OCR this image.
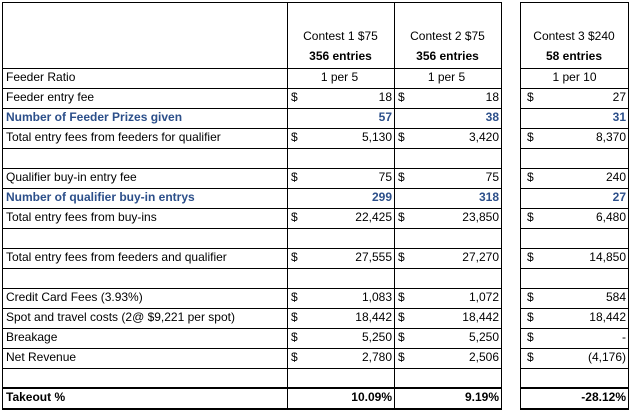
Contest 1 $75
356 entries
Contest 2 $75
356 entries
Contest 3 $240
58 entries
Feeder Ratio	1 per 5	1 per 5	1 per 10
Feeder entry fee	$	18 $	18 $	27
Number of Feeder Prizes given	57	38	31
Total entry fees from feeders for qualifier	$	5,130 $	3,420 $	8,370
Qualifier buy-in entry fee	$	75 $	75 $	240
Number of qualifier buy-in entrys	299	318	27
Total entry fees from buy-ins	$	22,425 $	23,850 $	6,480
Total entry fees from feeders and qualifier	$	27,555 $	27,270 $	14,850
Credit Card Fees (3.93%)	$	1,083 $	1,072 $	584
Spot and travel costs (2@ $9,221 per spot)	$	18,442 $	18,442 $	18,442
Breakage	$	5,250 $	5,250 $	-
Net Revenue	$	2,780 $	2,506 $	(4,176)
Takeout %	10.09%	9.19%	-28.12%
